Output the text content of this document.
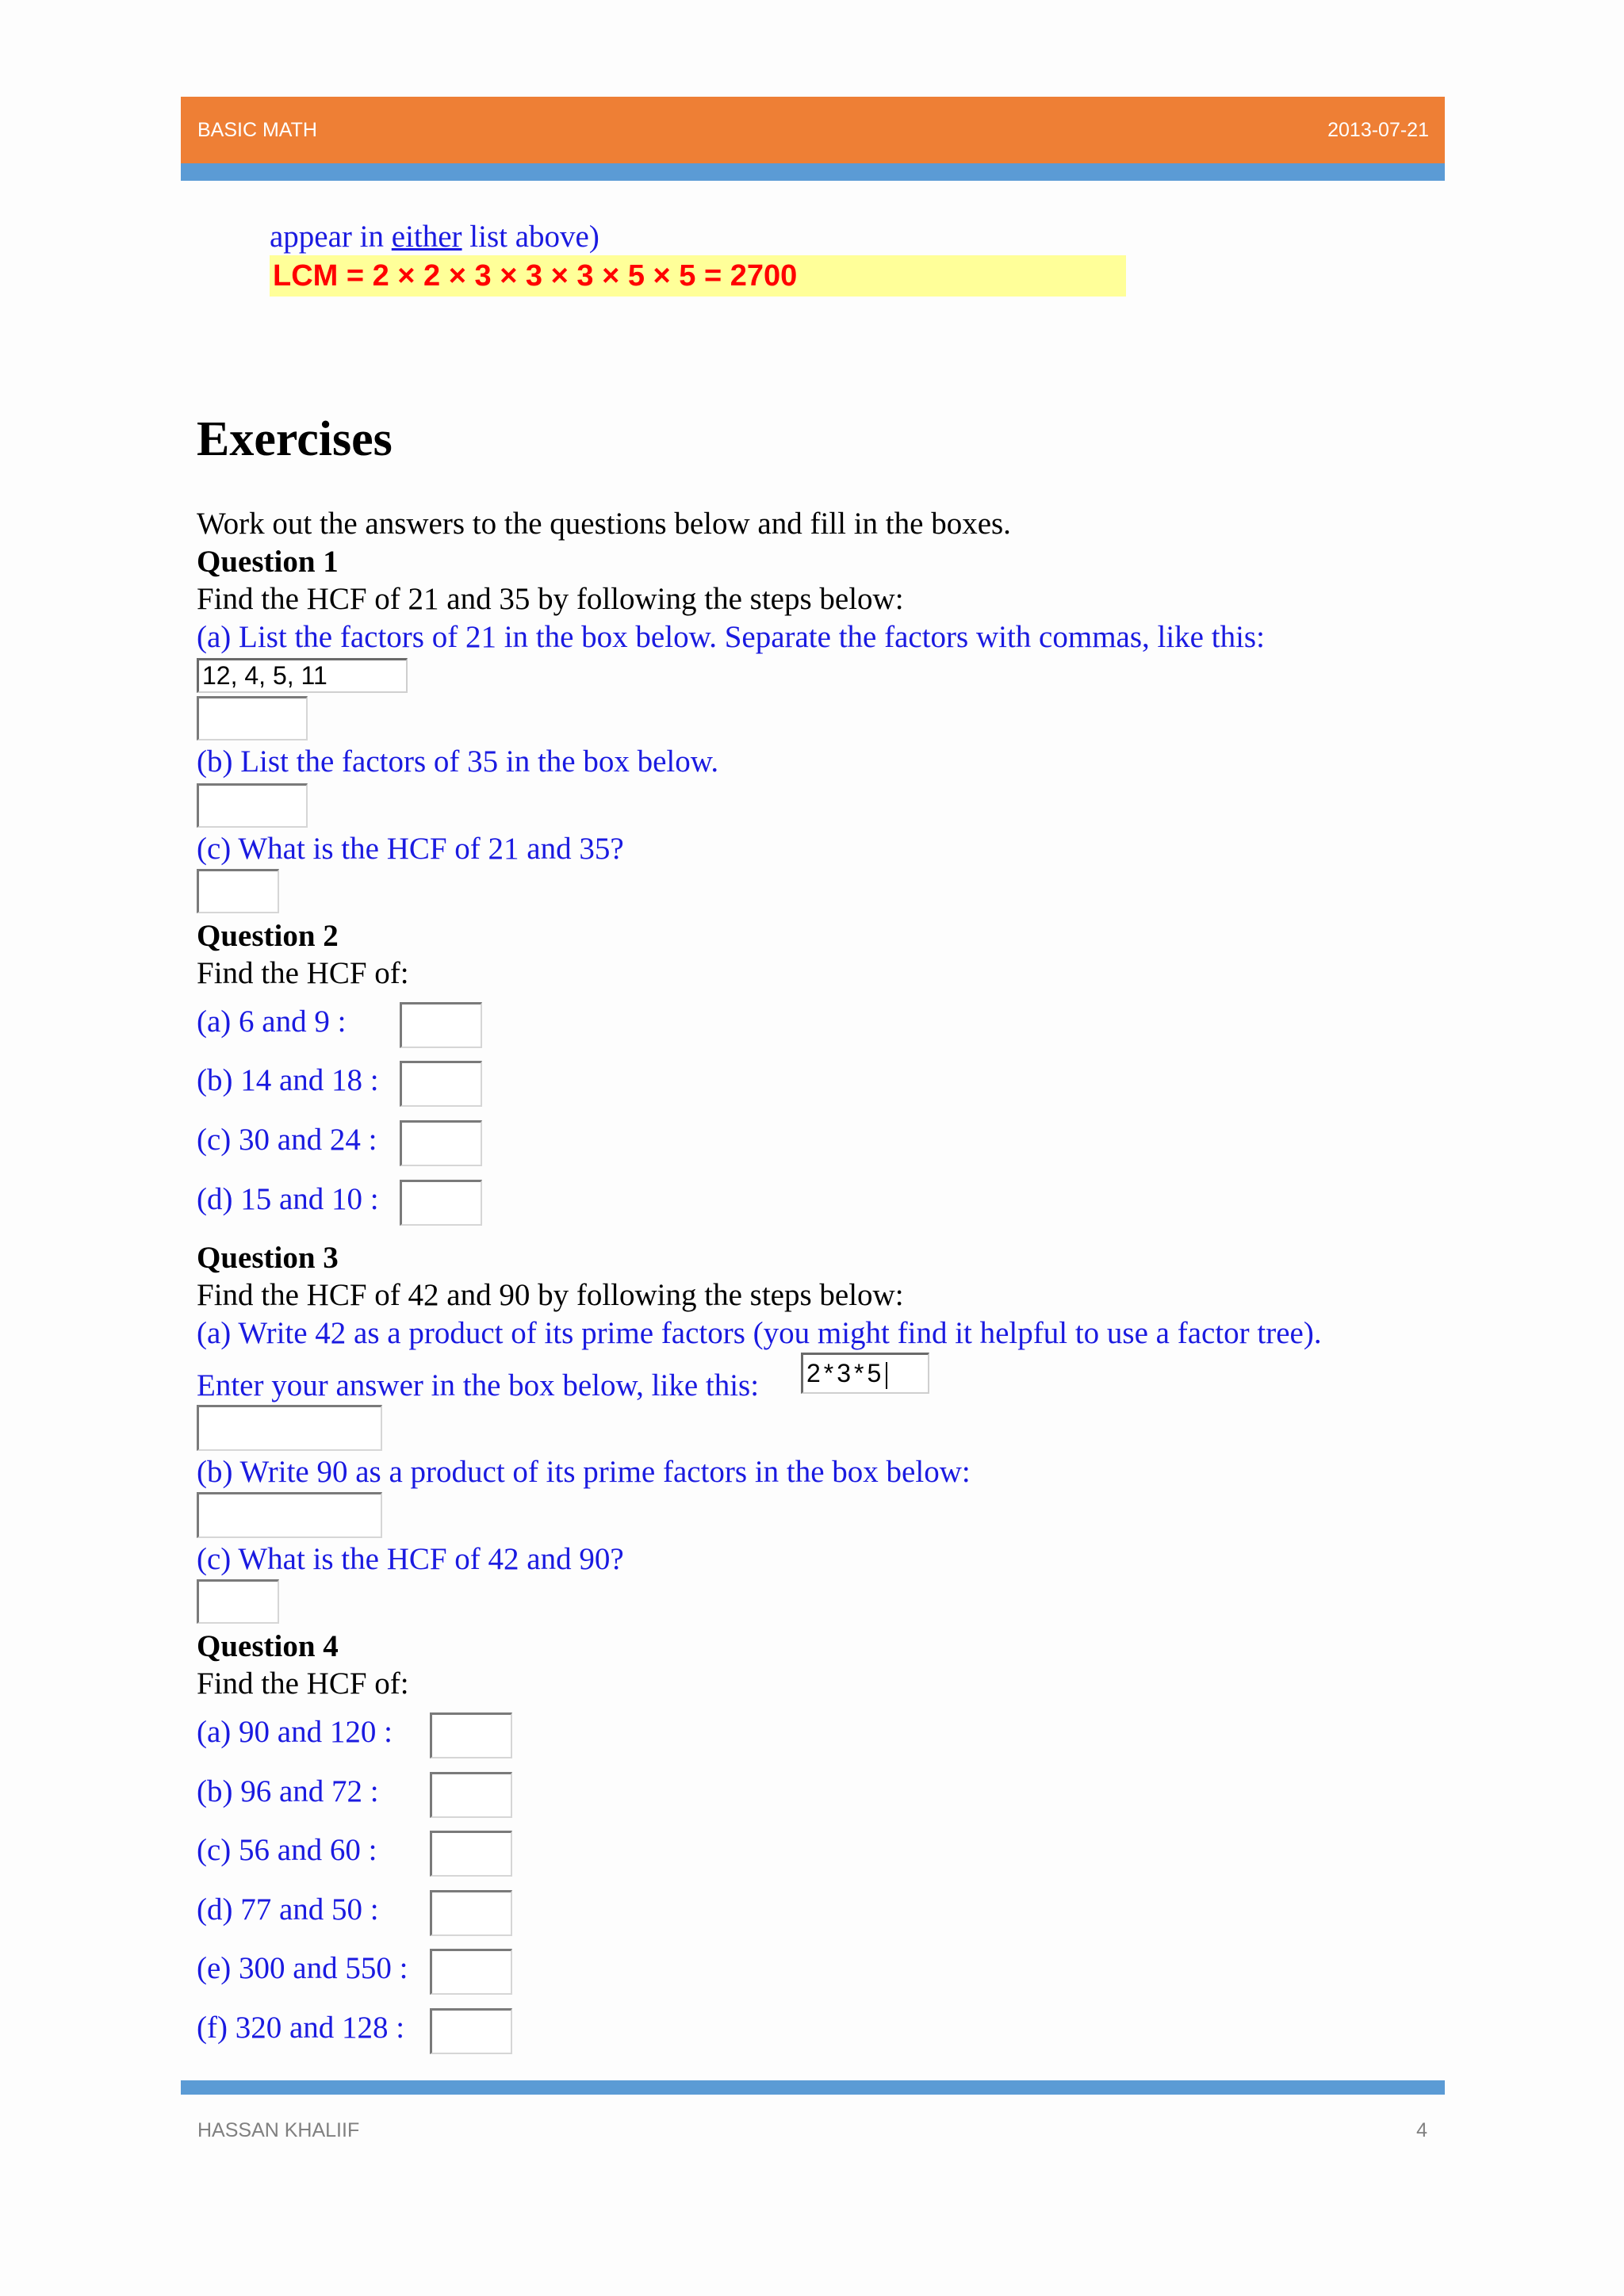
BASIC MATH	2013-07-21
appear in either list above)
LCM = 2 × 2 × 3 × 3 × 3 × 5 × 5 = 2700
Exercises
Work out the answers to the questions below and fill in the boxes.
Question 1
Find the HCF of 21 and 35 by following the steps below:
(a) List the factors of 21 in the box below. Separate the factors with commas, like this:
12, 4, 5, 11
(b) List the factors of 35 in the box below.
(c) What is the HCF of 21 and 35?
Question 2
Find the HCF of:
(a) 6 and 9 :
(b) 14 and 18 :
(c) 30 and 24 :
(d) 15 and 10 :
Question 3
Find the HCF of 42 and 90 by following the steps below:
(a) Write 42 as a product of its prime factors (you might find it helpful to use a factor tree).
Enter your answer in the box below, like this: 2*3*5
(b) Write 90 as a product of its prime factors in the box below:
(c) What is the HCF of 42 and 90?
Question 4
Find the HCF of:
(a) 90 and 120 :
(b) 96 and 72 :
(c) 56 and 60 :
(d) 77 and 50 :
(e) 300 and 550 :
(f) 320 and 128 :
HASSAN KHALIIF	4
